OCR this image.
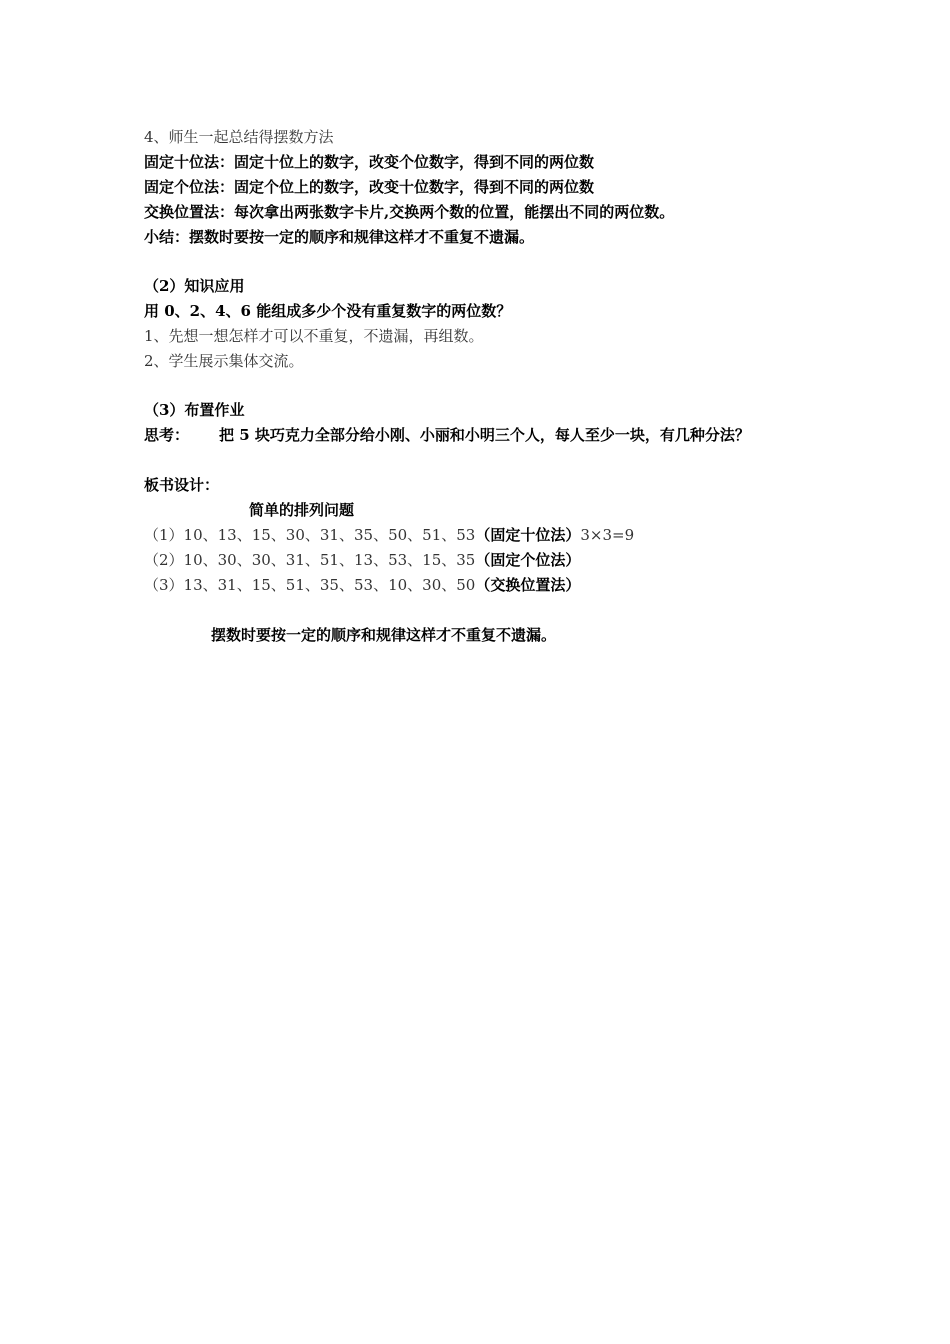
4、师生一起总结得摆数方法
固定十位法：固定十位上的数字，改变个位数字，得到不同的两位数
固定个位法：固定个位上的数字，改变十位数字，得到不同的两位数
交换位置法：每次拿出两张数字卡片,交换两个数的位置，能摆出不同的两位数。
小结：摆数时要按一定的顺序和规律这样才不重复不遗漏。
（2）知识应用
用 0、2、4、6 能组成多少个没有重复数字的两位数？
1、先想一想怎样才可以不重复，不遗漏，再组数。
2、学生展示集体交流。
（3）布置作业
思考： 把 5 块巧克力全部分给小刚、小丽和小明三个人，每人至少一块，有几种分法？
板书设计：
简单的排列问题
（1）10、13、15、30、31、35、50、51、53（固定十位法）3×3=9
（2）10、30、30、31、51、13、53、15、35（固定个位法）
（3）13、31、15、51、35、53、10、30、50（交换位置法）
摆数时要按一定的顺序和规律这样才不重复不遗漏。
